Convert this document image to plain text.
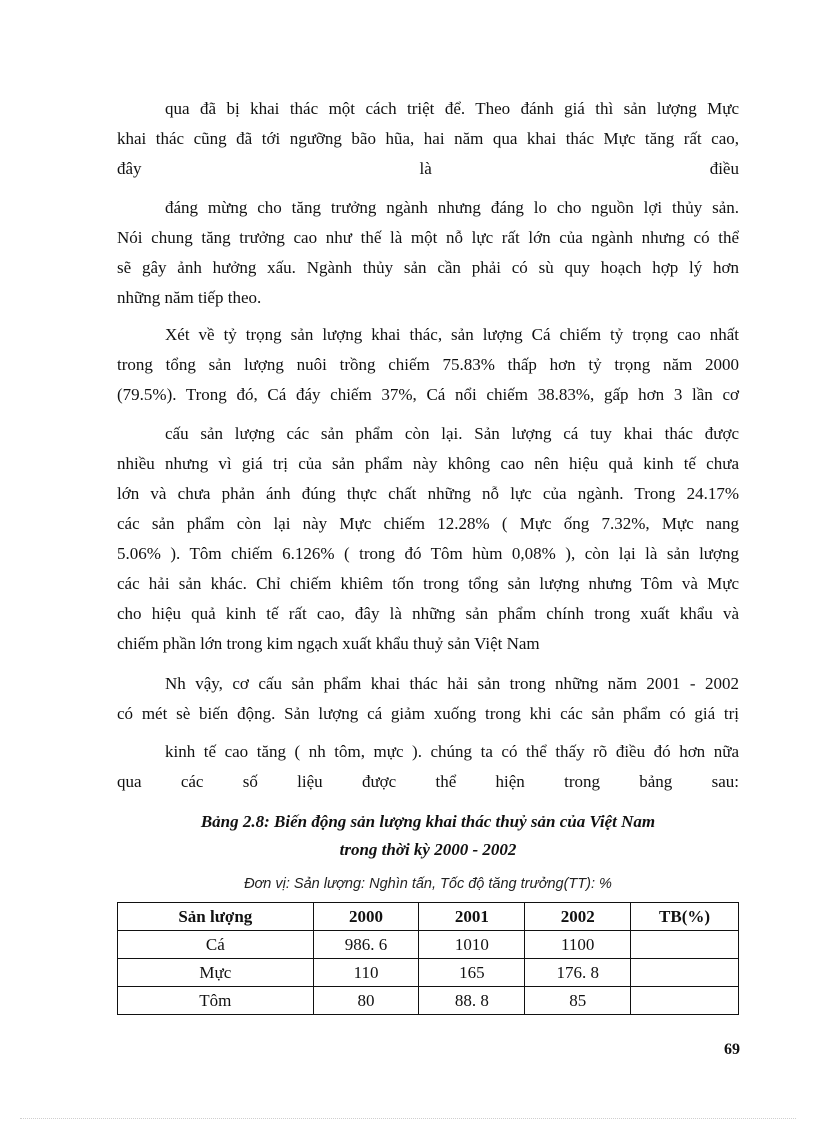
qua đã bị khai thác một cách triệt để. Theo đánh giá thì sản lượng Mực
khai thác cũng đã tới ngưỡng bão hũa, hai năm qua khai thác Mực tăng rất cao,
đây	là	điều
đáng mừng cho tăng trưởng ngành nhưng đáng lo cho nguồn lợi thủy sản.
Nói chung tăng trưởng cao như thế là một nỗ lực rất lớn của ngành nhưng có thể
sẽ gây ảnh hưởng xấu. Ngành thủy sản cần phải có sù quy hoạch hợp lý hơn
những năm tiếp theo.
Xét về tỷ trọng sản lượng khai thác, sản lượng Cá chiếm tỷ trọng cao nhất
trong tổng sản lượng nuôi trồng chiếm 75.83% thấp hơn tỷ trọng năm 2000
(79.5%). Trong đó, Cá đáy chiếm 37%, Cá nổi chiếm 38.83%, gấp hơn 3 lần cơ
cấu sản lượng các sản phẩm còn lại. Sản lượng cá tuy khai thác được
nhiều nhưng vì giá trị của sản phẩm này không cao nên hiệu quả kinh tế chưa
lớn và chưa phản ánh đúng thực chất những nỗ lực của ngành. Trong 24.17%
các sản phẩm còn lại này Mực chiếm 12.28% ( Mực ống 7.32%, Mực nang
5.06% ). Tôm chiếm 6.126% ( trong đó Tôm hùm 0,08% ), còn lại là sản lượng
các hải sản khác. Chỉ chiếm khiêm tốn trong tổng sản lượng nhưng Tôm và Mực
cho hiệu quả kinh tế rất cao, đây là những sản phẩm chính trong xuất khẩu và
chiếm phần lớn trong kim ngạch xuất khẩu thuỷ sản Việt Nam
Nh vậy, cơ cấu sản phẩm khai thác hải sản trong những năm 2001 - 2002
có mét sè biến động. Sản lượng cá giảm xuống trong khi các sản phẩm có giá trị
kinh tế cao tăng ( nh tôm, mực ). chúng ta có thể thấy rõ điều đó hơn nữa
qua các số liệu được thể hiện trong bảng sau:
Bảng 2.8: Biến động sản lượng khai thác thuỷ sản của Việt Nam
trong thời kỳ 2000 - 2002
Đơn vị: Sản lượng: Nghìn tấn, Tốc độ tăng trưởng(TT): %
Sản lượng	2000	2001	2002	TB(%)
Cá	986. 6	1010	1100	
Mực	110	165	176. 8	
Tôm	80	88. 8	85	
69
